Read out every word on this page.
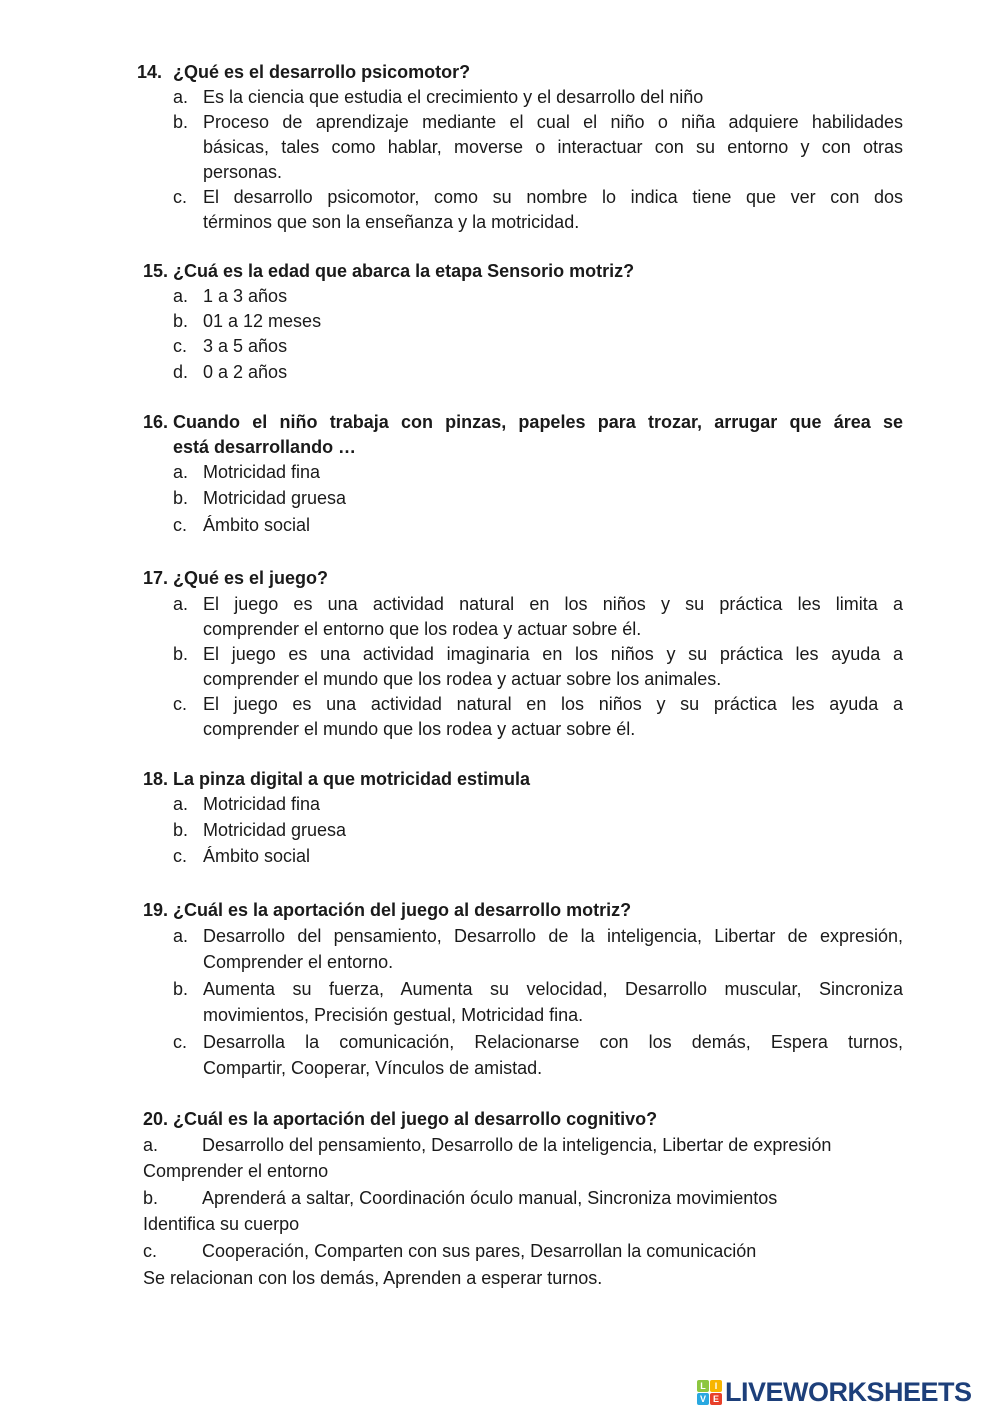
14. ¿Qué es el desarrollo psicomotor?
a. Es la ciencia que estudia el crecimiento y el desarrollo del niño
b. Proceso de aprendizaje mediante el cual el niño o niña adquiere habilidades
básicas, tales como hablar, moverse o interactuar con su entorno y con otras
personas.
c. El desarrollo psicomotor, como su nombre lo indica tiene que ver con dos
términos que son la enseñanza y la motricidad.
15. ¿Cuá es la edad que abarca la etapa Sensorio motriz?
a. 1 a 3 años
b. 01 a 12 meses
c. 3 a 5 años
d. 0 a 2 años
16. Cuando el niño trabaja con pinzas, papeles para trozar, arrugar que área se
está desarrollando …
a. Motricidad fina
b. Motricidad gruesa
c. Ámbito social
17. ¿Qué es el juego?
a. El juego es una actividad natural en los niños y su práctica les limita a
comprender el entorno que los rodea y actuar sobre él.
b. El juego es una actividad imaginaria en los niños y su práctica les ayuda a
comprender el mundo que los rodea y actuar sobre los animales.
c. El juego es una actividad natural en los niños y su práctica les ayuda a
comprender el mundo que los rodea y actuar sobre él.
18. La pinza digital a que motricidad estimula
a. Motricidad fina
b. Motricidad gruesa
c. Ámbito social
19. ¿Cuál es la aportación del juego al desarrollo motriz?
a. Desarrollo del pensamiento, Desarrollo de la inteligencia, Libertar de expresión,
Comprender el entorno.
b. Aumenta su fuerza, Aumenta su velocidad, Desarrollo muscular, Sincroniza
movimientos, Precisión gestual, Motricidad fina.
c. Desarrolla la comunicación, Relacionarse con los demás, Espera turnos,
Compartir, Cooperar, Vínculos de amistad.
20. ¿Cuál es la aportación del juego al desarrollo cognitivo?
a. Desarrollo del pensamiento, Desarrollo de la inteligencia, Libertar de expresión
Comprender el entorno
b. Aprenderá a saltar, Coordinación óculo manual, Sincroniza movimientos
Identifica su cuerpo
c. Cooperación, Comparten con sus pares, Desarrollan la comunicación
Se relacionan con los demás, Aprenden a esperar turnos.
L I
V E LIVEWORKSHEETS
